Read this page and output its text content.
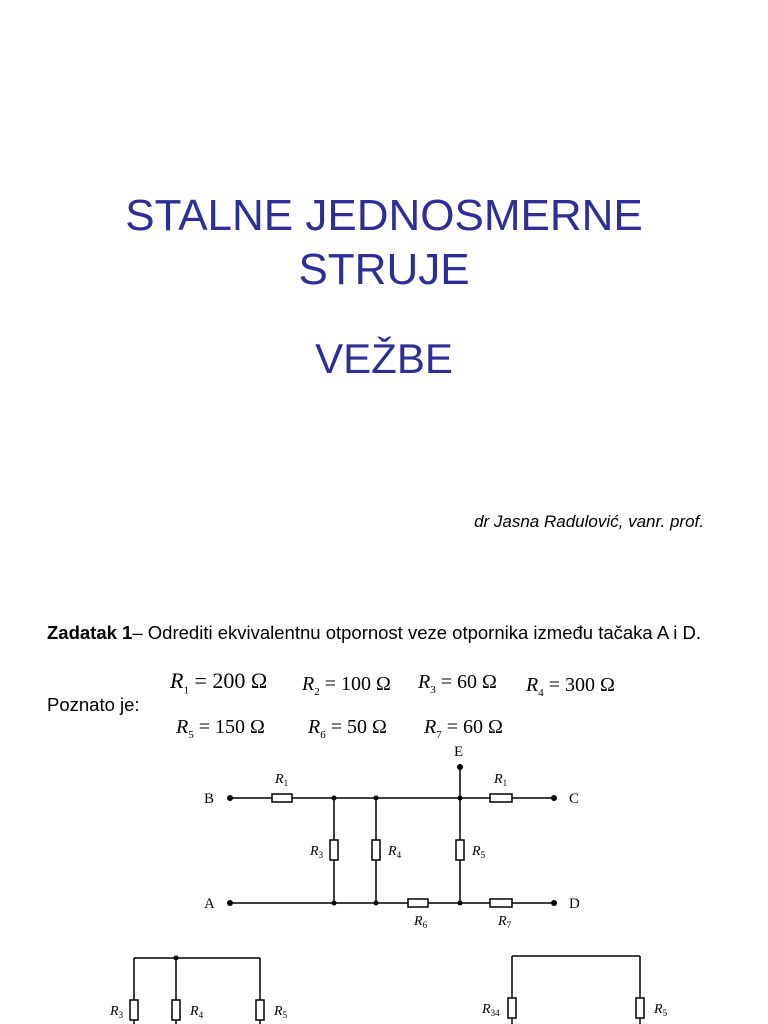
STALNE JEDNOSMERNE
STRUJE
VEŽBE
dr Jasna Radulović, vanr. prof.
Zadatak 1– Odrediti ekvivalentnu otpornost veze otpornika između tačaka A i D.
Poznato je:
$R_1 = 200$ Ω $R_2 = 100$ Ω $R_3 = 60$ Ω $R_4 = 300$ Ω
$R_5 = 150$ Ω $R_6 = 50$ Ω $R_7 = 60$ Ω
B	C
A	D
E
$R_1$	$R_1$
$R_3$	$R_4$	$R_5$
$R_6$	$R_7$
$R_3$	$R_4$	$R_5$	$R_{34}$	$R_5$
